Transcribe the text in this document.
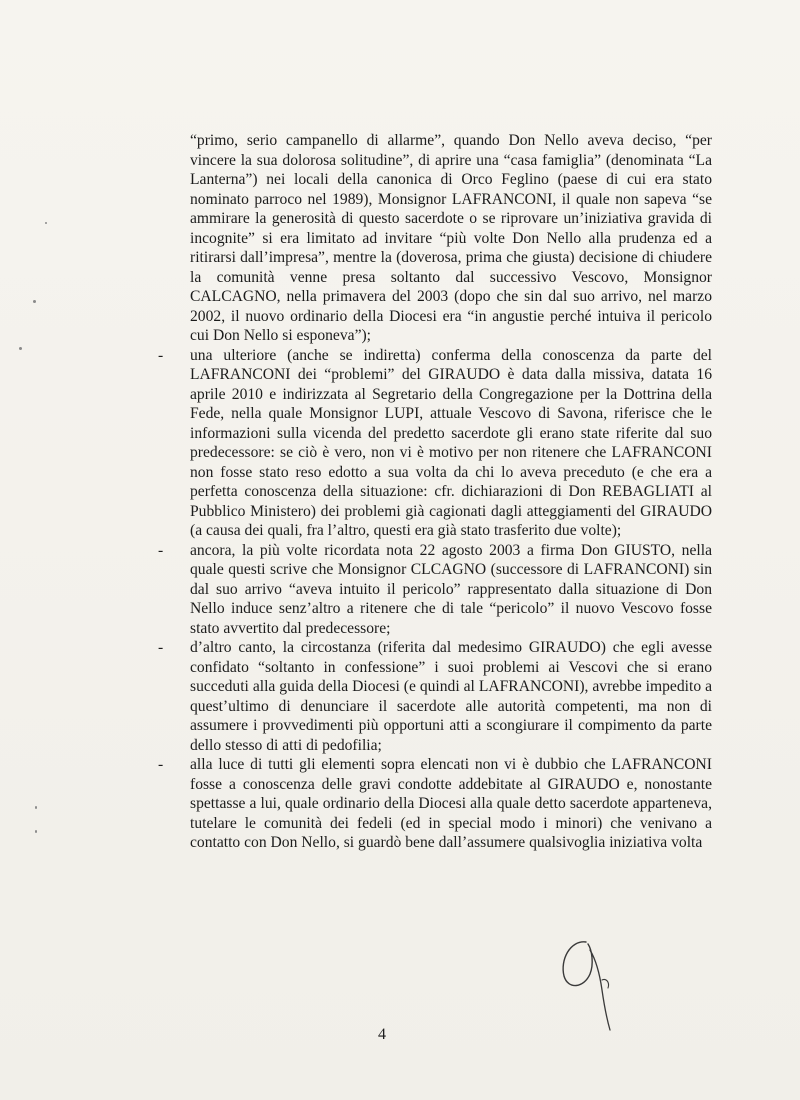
“primo, serio campanello di allarme”, quando Don Nello aveva deciso, “per vincere la sua dolorosa solitudine”, di aprire una “casa famiglia” (denominata “La Lanterna”) nei locali della canonica di Orco Feglino (paese di cui era stato nominato parroco nel 1989), Monsignor LAFRANCONI, il quale non sapeva “se ammirare la generosità di questo sacerdote o se riprovare un’iniziativa gravida di incognite” si era limitato ad invitare “più volte Don Nello alla prudenza ed a ritirarsi dall’impresa”, mentre la (doverosa, prima che giusta) decisione di chiudere la comunità venne presa soltanto dal successivo Vescovo, Monsignor CALCAGNO, nella primavera del 2003 (dopo che sin dal suo arrivo, nel marzo 2002, il nuovo ordinario della Diocesi era “in angustie perché intuiva il pericolo cui Don Nello si esponeva”);

- una ulteriore (anche se indiretta) conferma della conoscenza da parte del LAFRANCONI dei “problemi” del GIRAUDO è data dalla missiva, datata 16 aprile 2010 e indirizzata al Segretario della Congregazione per la Dottrina della Fede, nella quale Monsignor LUPI, attuale Vescovo di Savona, riferisce che le informazioni sulla vicenda del predetto sacerdote gli erano state riferite dal suo predecessore: se ciò è vero, non vi è motivo per non ritenere che LAFRANCONI non fosse stato reso edotto a sua volta da chi lo aveva preceduto (e che era a perfetta conoscenza della situazione: cfr. dichiarazioni di Don REBAGLIATI al Pubblico Ministero) dei problemi già cagionati dagli atteggiamenti del GIRAUDO (a causa dei quali, fra l’altro, questi era già stato trasferito due volte);
- ancora, la più volte ricordata nota 22 agosto 2003 a firma Don GIUSTO, nella quale questi scrive che Monsignor CLCAGNO (successore di LAFRANCONI) sin dal suo arrivo “aveva intuito il pericolo” rappresentato dalla situazione di Don Nello induce senz’altro a ritenere che di tale “pericolo” il nuovo Vescovo fosse stato avvertito dal predecessore;
- d’altro canto, la circostanza (riferita dal medesimo GIRAUDO) che egli avesse confidato “soltanto in confessione” i suoi problemi ai Vescovi che si erano succeduti alla guida della Diocesi (e quindi al LAFRANCONI), avrebbe impedito a quest’ultimo di denunciare il sacerdote alle autorità competenti, ma non di assumere i provvedimenti più opportuni atti a scongiurare il compimento da parte dello stesso di atti di pedofilia;
- alla luce di tutti gli elementi sopra elencati non vi è dubbio che LAFRANCONI fosse a conoscenza delle gravi condotte addebitate al GIRAUDO e, nonostante spettasse a lui, quale ordinario della Diocesi alla quale detto sacerdote appartenevа, tutelare le comunità dei fedeli (ed in special modo i minori) che venivano a contatto con Don Nello, si guardò bene dall’assumere qualsivoglia iniziativa volta
4
